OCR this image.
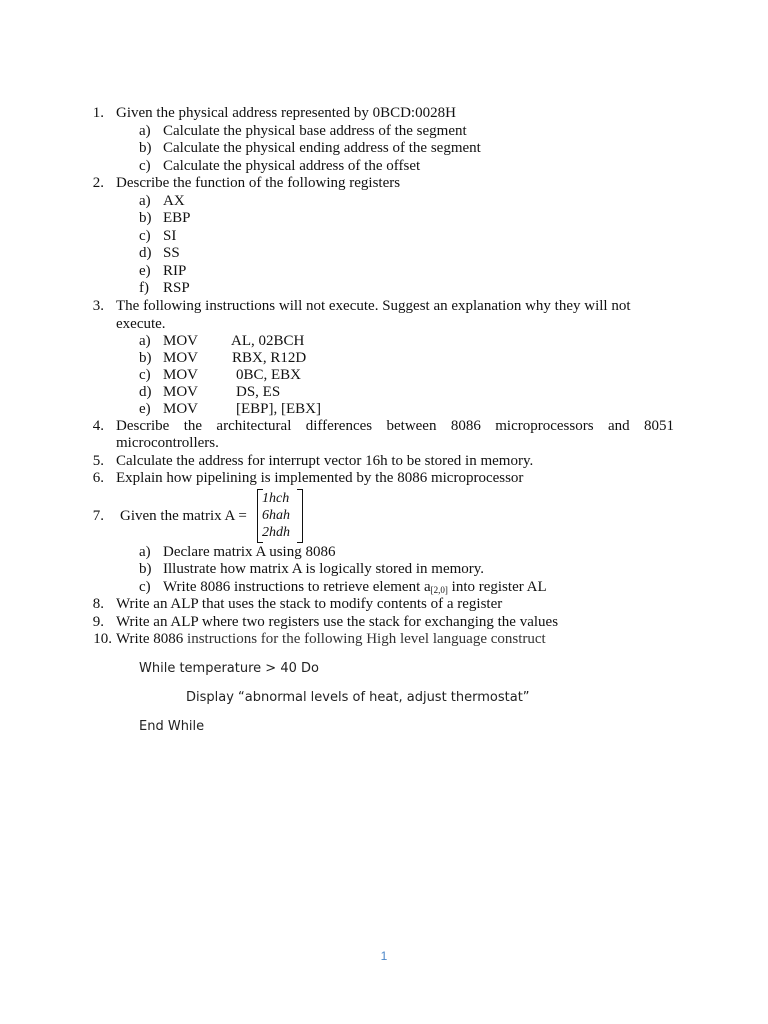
1. Given the physical address represented by 0BCD:0028H
a) Calculate the physical base address of the segment
b) Calculate the physical ending address of the segment
c) Calculate the physical address of the offset
2. Describe the function of the following registers
a) AX
b) EBP
c) SI
d) SS
e) RIP
f) RSP
3. The following instructions will not execute. Suggest an explanation why they will not
execute.
a) MOV AL, 02BCH
b) MOV RBX, R12D
c) MOV	0BC, EBX
d) MOV	DS, ES
e) MOV	[EBP], [EBX]
4. Describe the architectural differences between 8086 microprocessors and 8051
microcontrollers.
5. Calculate the address for interrupt vector 16h to be stored in memory.
6. Explain how pipelining is implemented by the 8086 microprocessor
7. Given the matrix A =
1hch
6hah
2hdh
a) Declare matrix A using 8086
b) Illustrate how matrix A is logically stored in memory.
c) Write 8086 instructions to retrieve element $a_{[2,0]}$ into register AL
8. Write an ALP that uses the stack to modify contents of a register
9. Write an ALP where two registers use the stack for exchanging the values
10. Write 8086 instructions for the following High level language construct
While temperature > 40 Do
Display “abnormal levels of heat, adjust thermostat”
End While
1
